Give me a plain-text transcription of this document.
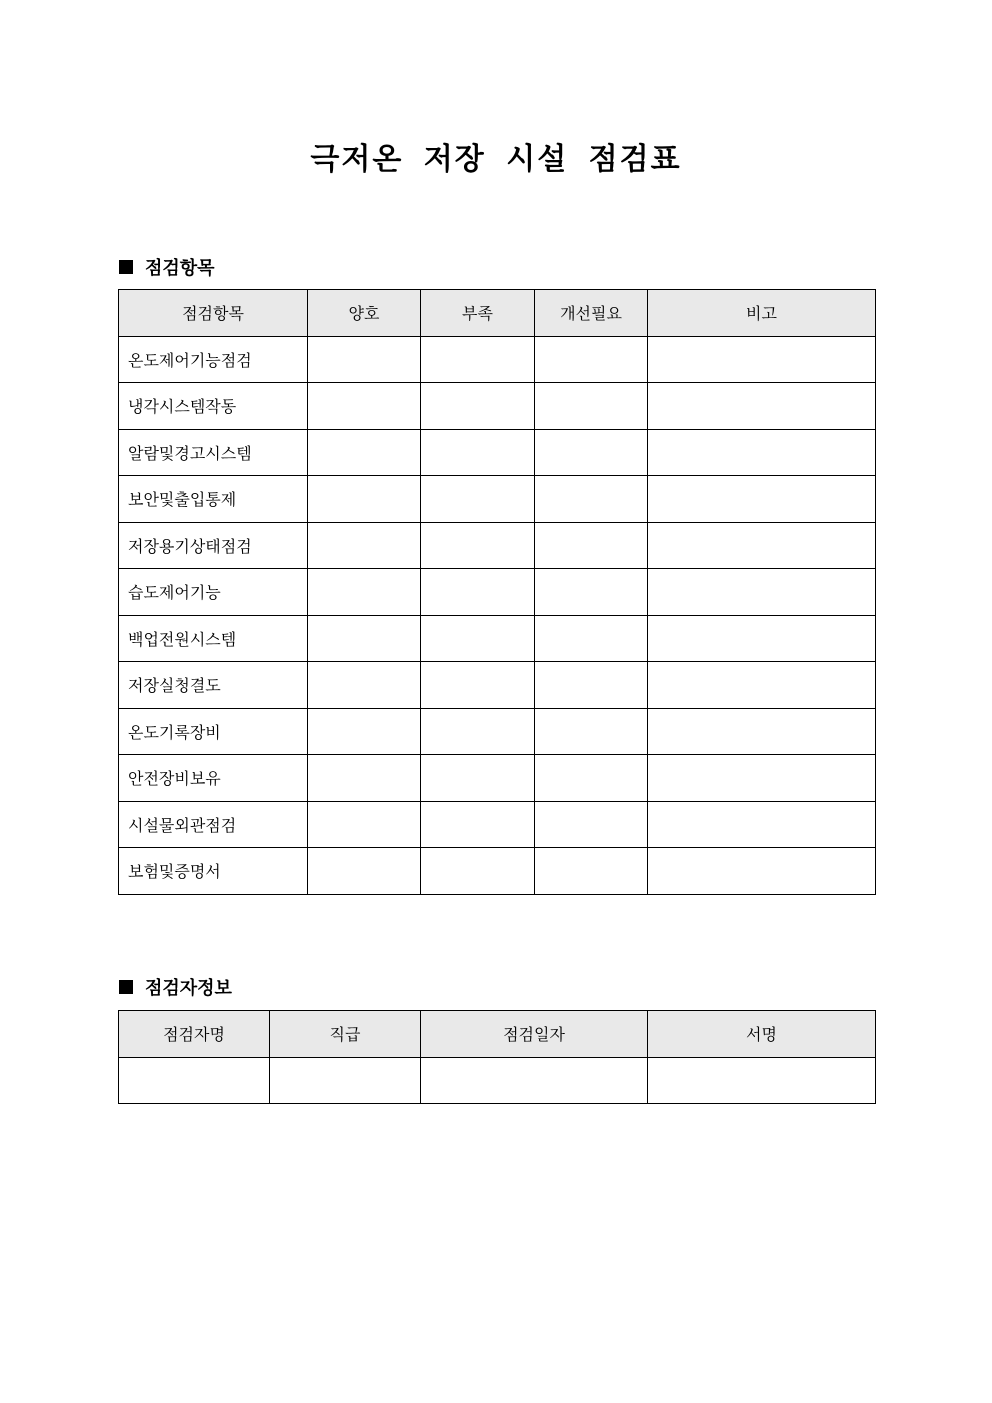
극저온 저장 시설 점검표
점검항목
점검항목	양호	부족	개선필요	비고
온도제어기능점검				
냉각시스템작동				
알람및경고시스템				
보안및출입통제				
저장용기상태점검				
습도제어기능				
백업전원시스템				
저장실청결도				
온도기록장비				
안전장비보유				
시설물외관점검				
보험및증명서				
점검자정보
점검자명	직급	점검일자	서명
